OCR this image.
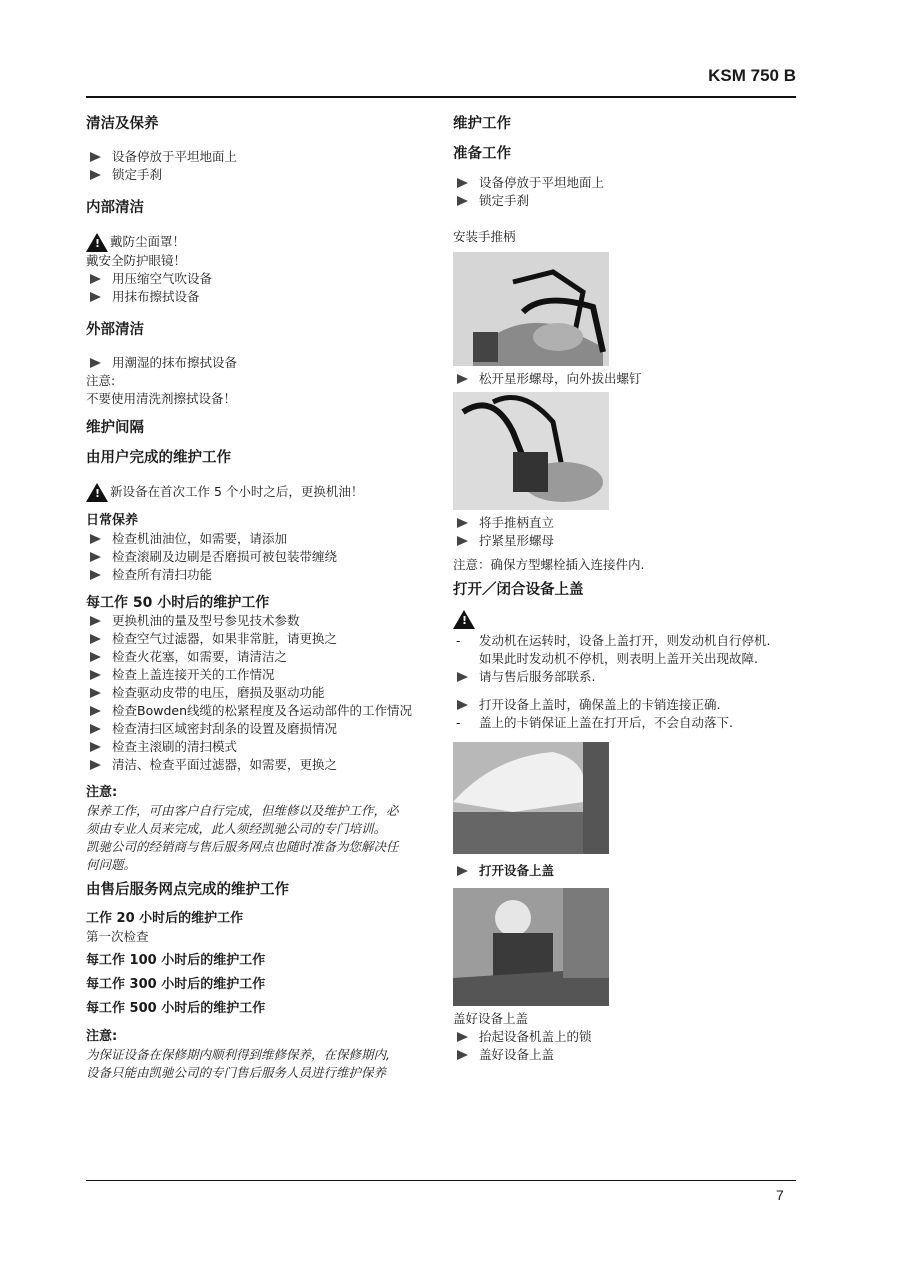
KSM 750 B
清洁及保养
设备停放于平坦地面上
锁定手刹
内部清洁
!
戴防尘面罩！

戴安全防护眼镜！

用压缩空气吹设备
用抹布擦拭设备
外部清洁
用潮湿的抹布擦拭设备

注意:

不要使用清洗剂擦拭设备！

维护间隔
由用户完成的维护工作
!
新设备在首次工作 5 个小时之后，更换机油！

日常保养

检查机油油位，如需要，请添加
检查滚刷及边刷是否磨损可被包装带缠绕
检查所有清扫功能

每工作 50 小时后的维护工作

更换机油的量及型号参见技术参数
检查空气过滤器，如果非常脏，请更换之
检查火花塞，如需要，请清洁之
检查上盖连接开关的工作情况
检查驱动皮带的电压，磨损及驱动功能
检查Bowden线缆的松紧程度及各运动部件的工作情况
检查清扫区域密封刮条的设置及磨损情况
检查主滚刷的清扫模式
清洁、检查平面过滤器，如需要，更换之

注意:

保养工作，可由客户自行完成，但维修以及维护工作，必

须由专业人员来完成，此人须经凯驰公司的专门培训。

凯驰公司的经销商与售后服务网点也随时准备为您解决任

何问题。

由售后服务网点完成的维护工作

工作 20 小时后的维护工作

第一次检查

每工作 100 小时后的维护工作

每工作 300 小时后的维护工作

每工作 500 小时后的维护工作

注意:

为保证设备在保修期内顺利得到维修保养，在保修期内,

设备只能由凯驰公司的专门售后服务人员进行维护保养

维护工作
准备工作
设备停放于平坦地面上
锁定手刹

安装手推柄

松开星形螺母，向外拔出螺钉
将手推柄直立
拧紧星形螺母

注意：确保方型螺栓插入连接件内.

打开／闭合设备上盖
!
- 发动机在运转时，设备上盖打开，则发动机自行停机.

如果此时发动机不停机，则表明上盖开关出现故障.

请与售后服务部联系.
打开设备上盖时，确保盖上的卡销连接正确.
- 盖上的卡销保证上盖在打开后，不会自动落下.
打开设备上盖

盖好设备上盖

抬起设备机盖上的锁
盖好设备上盖
7
